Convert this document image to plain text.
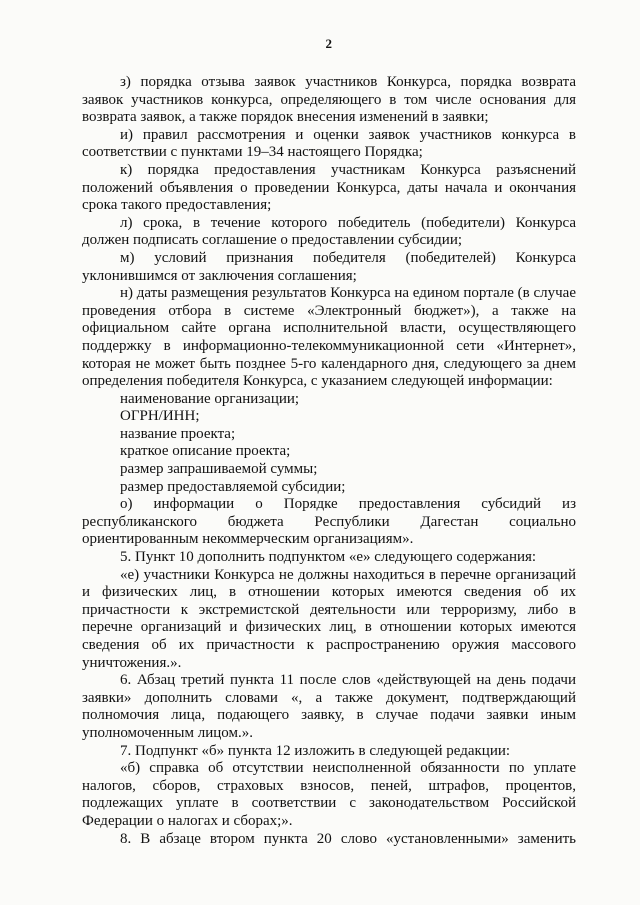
2

з) порядка отзыва заявок участников Конкурса, порядка возврата заявок участников конкурса, определяющего в том числе основания для возврата заявок, а также порядок внесения изменений в заявки;

и) правил рассмотрения и оценки заявок участников конкурса в соответствии с пунктами 19–34 настоящего Порядка;

к) порядка предоставления участникам Конкурса разъяснений положений объявления о проведении Конкурса, даты начала и окончания срока такого предоставления;

л) срока, в течение которого победитель (победители) Конкурса должен подписать соглашение о предоставлении субсидии;

м) условий признания победителя (победителей) Конкурса уклонившимся от заключения соглашения;

н) даты размещения результатов Конкурса на едином портале (в случае проведения отбора в системе «Электронный бюджет»), а также на официальном сайте органа исполнительной власти, осуществляющего поддержку в информационно-телекоммуникационной сети «Интернет», которая не может быть позднее 5-го календарного дня, следующего за днем определения победителя Конкурса, с указанием следующей информации:

наименование организации;

ОГРН/ИНН;

название проекта;

краткое описание проекта;

размер запрашиваемой суммы;

размер предоставляемой субсидии;

о) информации о Порядке предоставления субсидий из республиканского бюджета Республики Дагестан социально ориентированным некоммерческим организациям».

5. Пункт 10 дополнить подпунктом «е» следующего содержания:

«е) участники Конкурса не должны находиться в перечне организаций и физических лиц, в отношении которых имеются сведения об их причастности к экстремистской деятельности или терроризму, либо в перечне организаций и физических лиц, в отношении которых имеются сведения об их причастности к распространению оружия массового уничтожения.».

6. Абзац третий пункта 11 после слов «действующей на день подачи заявки» дополнить словами «, а также документ, подтверждающий полномочия лица, подающего заявку, в случае подачи заявки иным уполномоченным лицом.».

7. Подпункт «б» пункта 12 изложить в следующей редакции:

«б) справка об отсутствии неисполненной обязанности по уплате налогов, сборов, страховых взносов, пеней, штрафов, процентов, подлежащих уплате в соответствии с законодательством Российской Федерации о налогах и сборах;».

8. В абзаце втором пункта 20 слово «установленными» заменить
